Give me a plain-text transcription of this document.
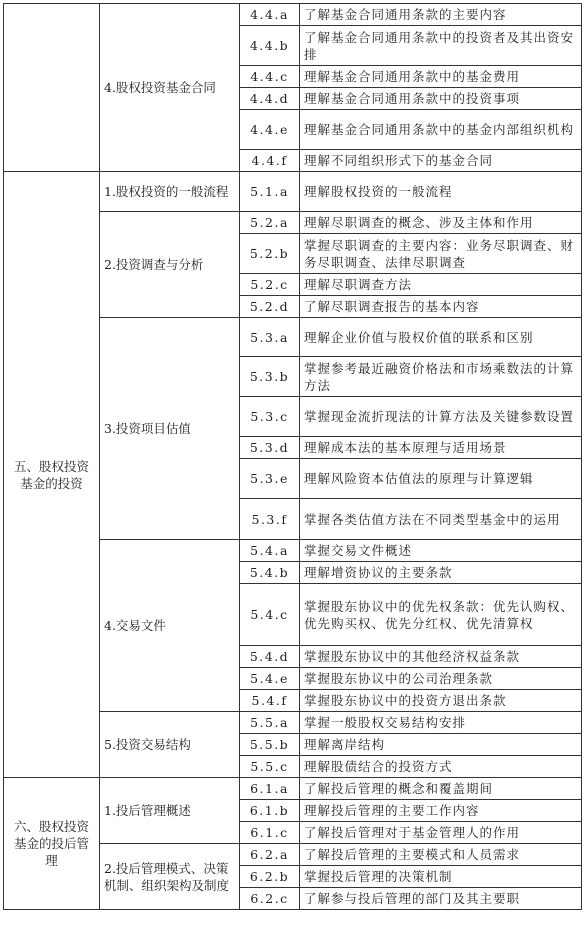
	4.股权投资基金合同	4.4.a	了解基金合同通用条款的主要内容
		4.4.b	了解基金合同通用条款中的投资者及其出资安排
		4.4.c	理解基金合同通用条款中的基金费用
		4.4.d	理解基金合同通用条款中的投资事项
		4.4.e	理解基金合同通用条款中的基金内部组织机构
		4.4.f	理解不同组织形式下的基金合同
五、股权投资基金的投资	1.股权投资的一般流程	5.1.a	理解股权投资的一般流程
	2.投资调查与分析	5.2.a	理解尽职调查的概念、涉及主体和作用
		5.2.b	掌握尽职调查的主要内容：业务尽职调查、财务尽职调查、法律尽职调查
		5.2.c	理解尽职调查方法
		5.2.d	了解尽职调查报告的基本内容
	3.投资项目估值	5.3.a	理解企业价值与股权价值的联系和区别
		5.3.b	掌握参考最近融资价格法和市场乘数法的计算方法
		5.3.c	掌握现金流折现法的计算方法及关键参数设置
		5.3.d	理解成本法的基本原理与适用场景
		5.3.e	理解风险资本估值法的原理与计算逻辑
		5.3.f	掌握各类估值方法在不同类型基金中的运用
	4.交易文件	5.4.a	掌握交易文件概述
		5.4.b	理解增资协议的主要条款
		5.4.c	掌握股东协议中的优先权条款：优先认购权、优先购买权、优先分红权、优先清算权
		5.4.d	掌握股东协议中的其他经济权益条款
		5.4.e	掌握股东协议中的公司治理条款
		5.4.f	掌握股东协议中的投资方退出条款
	5.投资交易结构	5.5.a	掌握一般股权交易结构安排
		5.5.b	理解离岸结构
		5.5.c	理解股债结合的投资方式
六、股权投资基金的投后管理	1.投后管理概述	6.1.a	了解投后管理的概念和覆盖期间
		6.1.b	理解投后管理的主要工作内容
		6.1.c	了解投后管理对于基金管理人的作用
	2.投后管理模式、决策机制、组织架构及制度	6.2.a	了解投后管理的主要模式和人员需求
		6.2.b	掌握投后管理的决策机制
		6.2.c	了解参与投后管理的部门及其主要职
